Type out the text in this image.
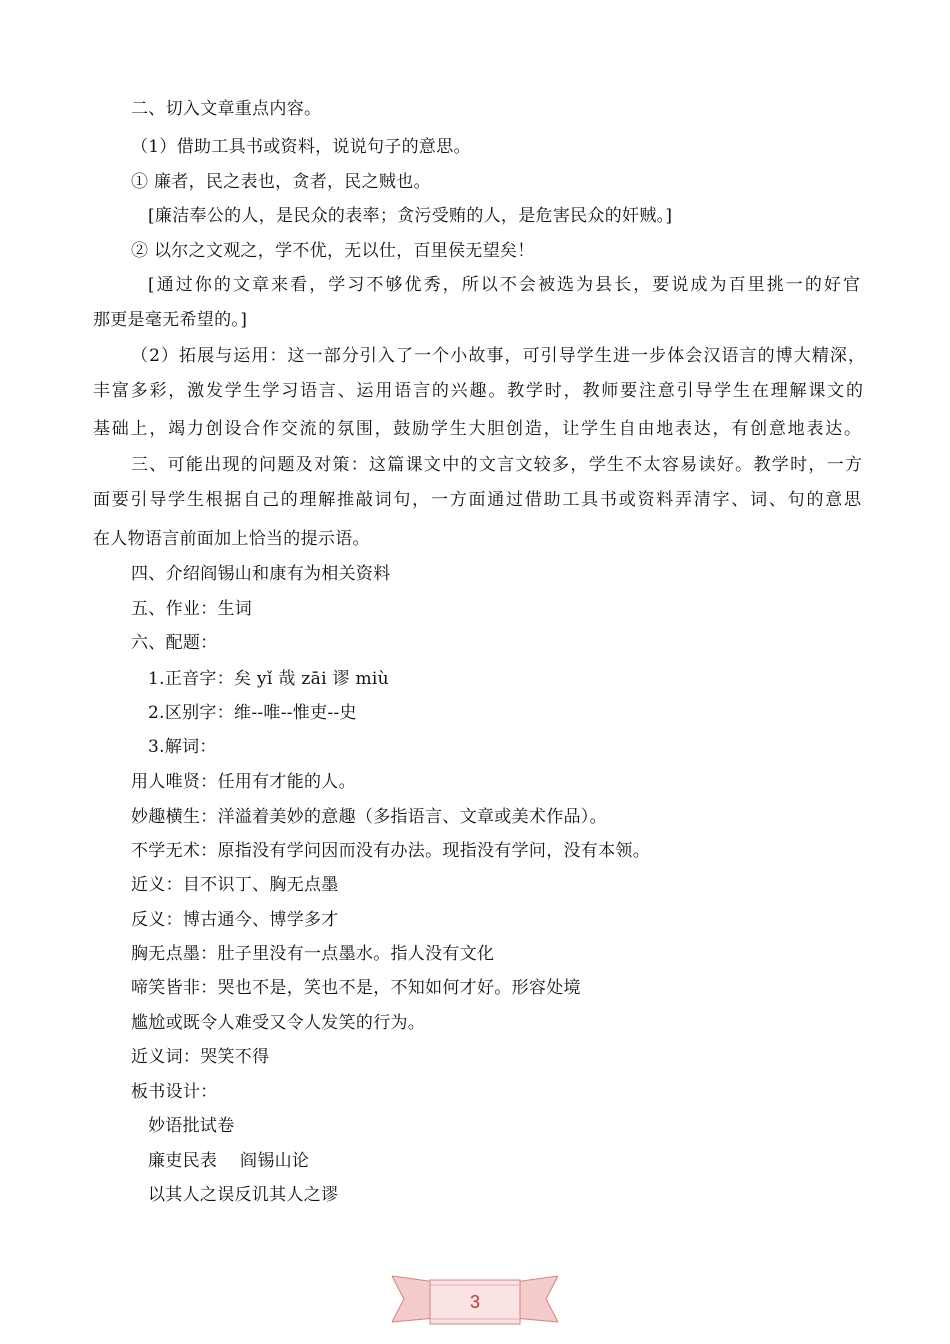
二、切入文章重点内容。
（1）借助工具书或资料，说说句子的意思。
① 廉者，民之表也，贪者，民之贼也。
[廉洁奉公的人，是民众的表率；贪污受贿的人，是危害民众的奸贼。]
② 以尔之文观之，学不优，无以仕，百里侯无望矣！
[通过你的文章来看，学习不够优秀，所以不会被选为县长，要说成为百里挑一的好官
那更是毫无希望的。]
（2）拓展与运用：这一部分引入了一个小故事，可引导学生进一步体会汉语言的博大精深，
丰富多彩，激发学生学习语言、运用语言的兴趣。教学时，教师要注意引导学生在理解课文的
基础上，竭力创设合作交流的氛围，鼓励学生大胆创造，让学生自由地表达，有创意地表达。
三、可能出现的问题及对策：这篇课文中的文言文较多，学生不太容易读好。教学时，一方
面要引导学生根据自己的理解推敲词句，一方面通过借助工具书或资料弄清字、词、句的意思
在人物语言前面加上恰当的提示语。
四、介绍阎锡山和康有为相关资料
五、作业：生词
六、配题：
1.正音字：矣 yǐ 哉 zāi 谬 miù
2.区别字：维--唯--惟吏--史
3.解词：
用人唯贤：任用有才能的人。
妙趣横生：洋溢着美妙的意趣（多指语言、文章或美术作品）。
不学无术：原指没有学问因而没有办法。现指没有学问，没有本领。
近义：目不识丁、胸无点墨
反义：博古通今、博学多才
胸无点墨：肚子里没有一点墨水。指人没有文化
啼笑皆非：哭也不是，笑也不是，不知如何才好。形容处境
尴尬或既令人难受又令人发笑的行为。
近义词：哭笑不得
板书设计：
妙语批试卷
廉吏民表    阎锡山论
以其人之误反讥其人之谬
3
